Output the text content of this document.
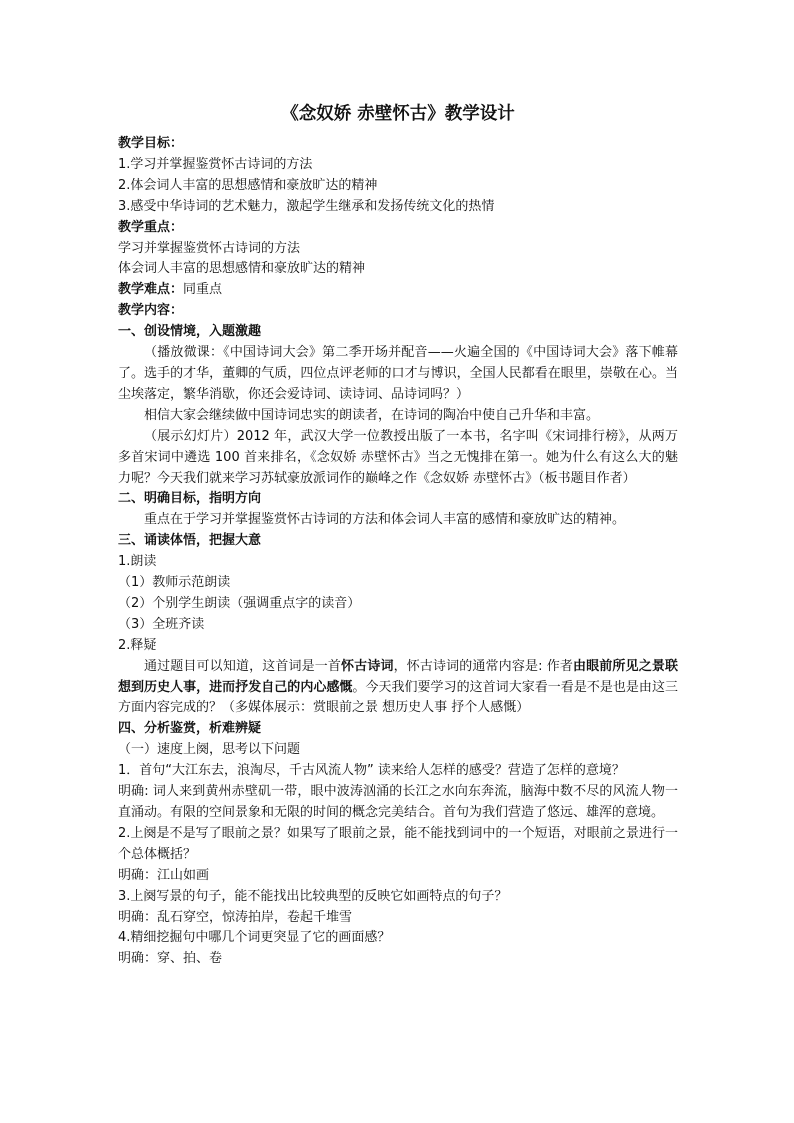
《念奴娇 赤壁怀古》教学设计
教学目标：
1.学习并掌握鉴赏怀古诗词的方法
2.体会词人丰富的思想感情和豪放旷达的精神
3.感受中华诗词的艺术魅力，激起学生继承和发扬传统文化的热情
教学重点：
学习并掌握鉴赏怀古诗词的方法
体会词人丰富的思想感情和豪放旷达的精神
教学难点：同重点
教学内容：
一、创设情境，入题激趣
（播放微课：《中国诗词大会》第二季开场并配音——火遍全国的《中国诗词大会》落下帷幕了。选手的才华，董卿的气质，四位点评老师的口才与博识，全国人民都看在眼里，崇敬在心。当尘埃落定，繁华消歇，你还会爱诗词、读诗词、品诗词吗？）
相信大家会继续做中国诗词忠实的朗读者，在诗词的陶冶中使自己升华和丰富。
（展示幻灯片）2012 年，武汉大学一位教授出版了一本书，名字叫《宋词排行榜》，从两万多首宋词中遴选 100 首来排名，《念奴娇 赤壁怀古》当之无愧排在第一。她为什么有这么大的魅力呢？今天我们就来学习苏轼豪放派词作的巅峰之作《念奴娇 赤壁怀古》（板书题目作者）
二、明确目标，指明方向
重点在于学习并掌握鉴赏怀古诗词的方法和体会词人丰富的感情和豪放旷达的精神。
三、诵读体悟，把握大意
1.朗读
（1）教师示范朗读
（2）个别学生朗读（强调重点字的读音）
（3）全班齐读
2.释疑
通过题目可以知道，这首词是一首怀古诗词，怀古诗词的通常内容是: 作者由眼前所见之景联想到历史人事，进而抒发自己的内心感慨。今天我们要学习的这首词大家看一看是不是也是由这三方面内容完成的？（多媒体展示：赏眼前之景 想历史人事 抒个人感慨）
四、分析鉴赏，析难辨疑
（一）速度上阕，思考以下问题
1．首句“大江东去，浪淘尽，千古风流人物” 读来给人怎样的感受？营造了怎样的意境？
明确: 词人来到黄州赤壁矶一带，眼中波涛汹涌的长江之水向东奔流，脑海中数不尽的风流人物一直涌动。有限的空间景象和无限的时间的概念完美结合。首句为我们营造了悠远、雄浑的意境。
2.上阕是不是写了眼前之景？如果写了眼前之景，能不能找到词中的一个短语，对眼前之景进行一个总体概括？
明确：江山如画
3.上阕写景的句子，能不能找出比较典型的反映它如画特点的句子？
明确：乱石穿空，惊涛拍岸，卷起千堆雪
4.精细挖掘句中哪几个词更突显了它的画面感？
明确：穿、拍、卷
